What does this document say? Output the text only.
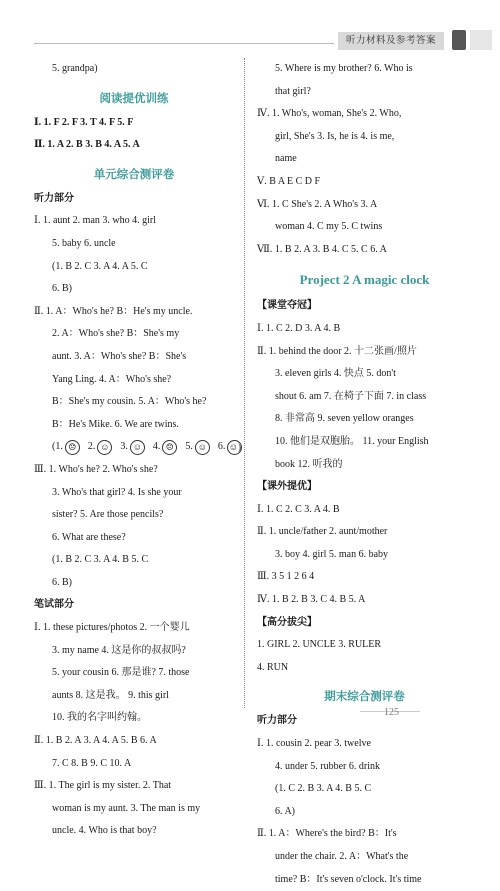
听力材料及参考答案
5. grandpa)
阅读提优训练
Ⅰ. 1. F 2. F 3. T 4. F 5. F
Ⅱ. 1. A 2. B 3. B 4. A 5. A
单元综合测评卷
听力部分
Ⅰ. 1. aunt 2. man 3. who 4. girl
5. baby 6. uncle
(1. B 2. C 3. A 4. A 5. C
6. B)
Ⅱ. 1. A：Who's he? B：He's my uncle.
2. A：Who's she? B：She's my
aunt. 3. A：Who's she? B：She's
Yang Ling. 4. A：Who's she?
B：She's my cousin. 5. A：Who's he?
B：He's Mike. 6. We are twins.
(1. ☹ 2. ☺ 3. ☺ 4. ☹ 5. ☺ 6. ☺)
Ⅲ. 1. Who's he? 2. Who's she?
3. Who's that girl? 4. Is she your
sister? 5. Are those pencils?
6. What are these?
(1. B 2. C 3. A 4. B 5. C
6. B)
笔试部分
Ⅰ. 1. these pictures/photos 2. 一个婴儿
3. my name 4. 这是你的叔叔吗?
5. your cousin 6. 那是谁? 7. those
aunts 8. 这是我。 9. this girl
10. 我的名字叫约翰。
Ⅱ. 1. B 2. A 3. A 4. A 5. B 6. A
7. C 8. B 9. C 10. A
Ⅲ. 1. The girl is my sister. 2. That
woman is my aunt. 3. The man is my
uncle. 4. Who is that boy?
5. Where is my brother? 6. Who is
that girl?
Ⅳ. 1. Who's, woman, She's 2. Who,
girl, She's 3. Is, he is 4. is me,
name
Ⅴ. B A E C D F
Ⅵ. 1. C She's 2. A Who's 3. A
woman 4. C my 5. C twins
Ⅶ. 1. B 2. A 3. B 4. C 5. C 6. A
Project 2 A magic clock
【课堂夺冠】
Ⅰ. 1. C 2. D 3. A 4. B
Ⅱ. 1. behind the door 2. 十二张画/照片
3. eleven girls 4. 快点 5. don't
shout 6. am 7. 在椅子下面 7. in class
8. 非常高 9. seven yellow oranges
10. 他们是双胞胎。 11. your English
book 12. 听我的
【课外提优】
Ⅰ. 1. C 2. C 3. A 4. B
Ⅱ. 1. uncle/father 2. aunt/mother
3. boy 4. girl 5. man 6. baby
Ⅲ. 3 5 1 2 6 4
Ⅳ. 1. B 2. B 3. C 4. B 5. A
【高分拔尖】
1. GIRL 2. UNCLE 3. RULER
4. RUN
期末综合测评卷
听力部分
Ⅰ. 1. cousin 2. pear 3. twelve
4. under 5. rubber 6. drink
(1. C 2. B 3. A 4. B 5. C
6. A)
Ⅱ. 1. A：Where's the bird? B：It's
under the chair. 2. A：What's the
time? B：It's seven o'clock. It's time
125
